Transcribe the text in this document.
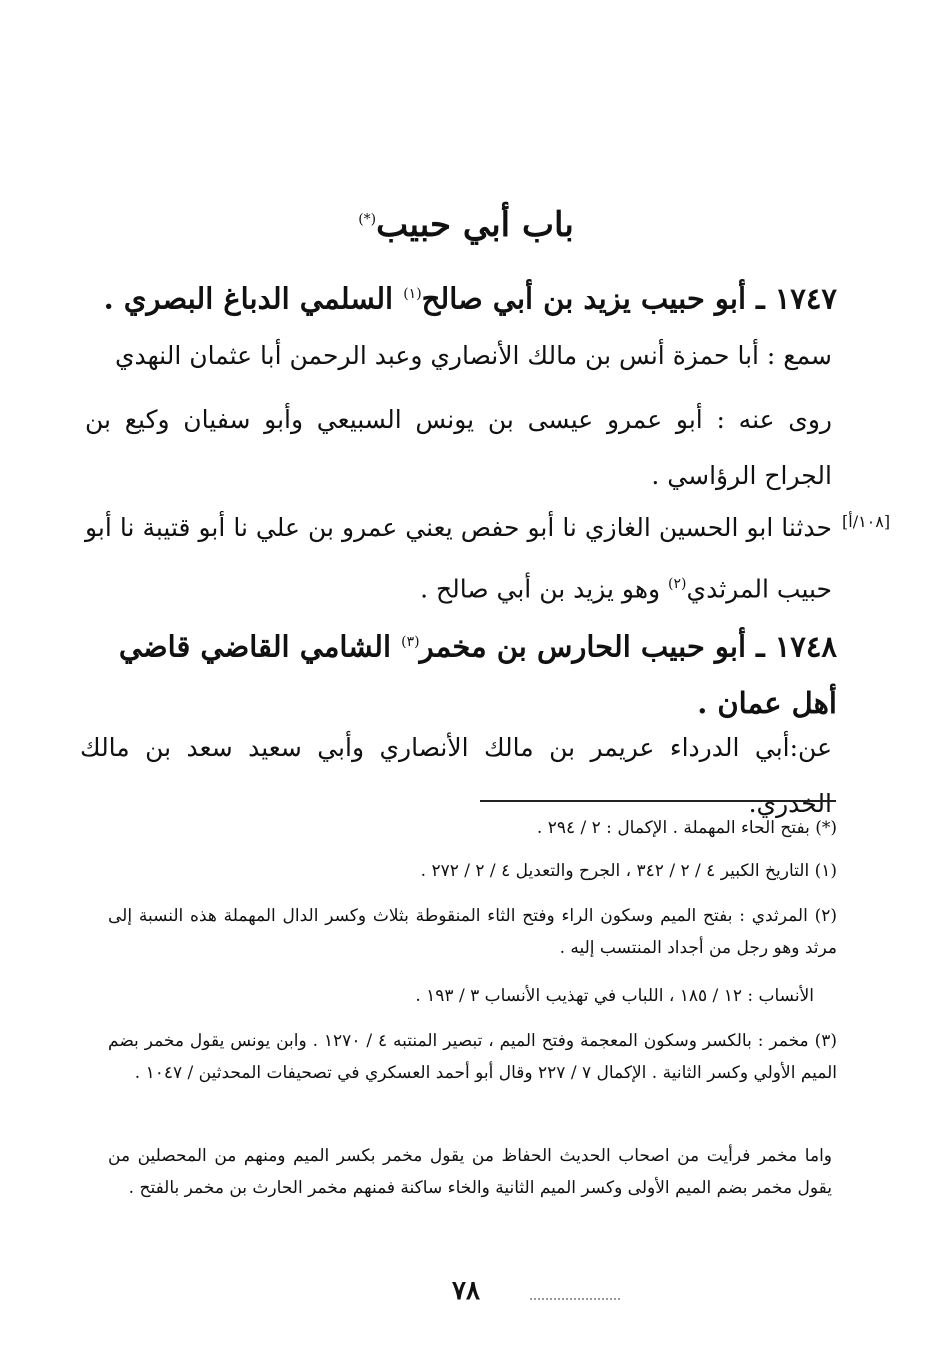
باب أبي حبيب(*)
١٧٤٧ ـ أبو حبيب يزيد بن أبي صالح$^{(١)}$ السلمي الدباغ البصري .
سمع : أبا حمزة أنس بن مالك الأنصاري وعبد الرحمن أبا عثمان النهدي
روى عنه : أبو عمرو عيسى بن يونس السبيعي وأبو سفيان وكيع بن الجراح الرؤاسي .
[١٠٨/أ]
حدثنا ابو الحسين الغازي نا أبو حفص يعني عمرو بن علي نا أبو قتيبة نا أبو حبيب المرثدي$^{(٢)}$ وهو يزيد بن أبي صالح .
١٧٤٨ ـ أبو حبيب الحارس بن مخمر$^{(٣)}$ الشامي القاضي قاضي أهل عمان .
عن:أبي الدرداء عريمر بن مالك الأنصاري وأبي سعيد سعد بن مالك الخدري.
(*) بفتح الحاء المهملة . الإكمال : ٢ / ٢٩٤ .
(١) التاريخ الكبير ٤ / ٢ / ٣٤٢ ، الجرح والتعديل ٤ / ٢ / ٢٧٢ .
(٢) المرثدي : بفتح الميم وسكون الراء وفتح الثاء المنقوطة بثلاث وكسر الدال المهملة هذه النسبة إلى مرثد وهو رجل من أجداد المنتسب إليه .
الأنساب : ١٢ / ١٨٥ ، اللباب في تهذيب الأنساب ٣ / ١٩٣ .
(٣) مخمر : بالكسر وسكون المعجمة وفتح الميم ، تبصير المنتبه ٤ / ١٢٧٠ . وابن يونس يقول مخمر بضم الميم الأولي وكسر الثانية . الإكمال ٧ / ٢٢٧ وقال أبو أحمد العسكري في تصحيفات المحدثين / ١٠٤٧ .
واما مخمر فرأيت من اصحاب الحديث الحفاظ من يقول مخمر بكسر الميم ومنهم من المحصلين من يقول مخمر بضم الميم الأولى وكسر الميم الثانية والخاء ساكنة فمنهم مخمر الحارث بن مخمر بالفتح .
٧٨
